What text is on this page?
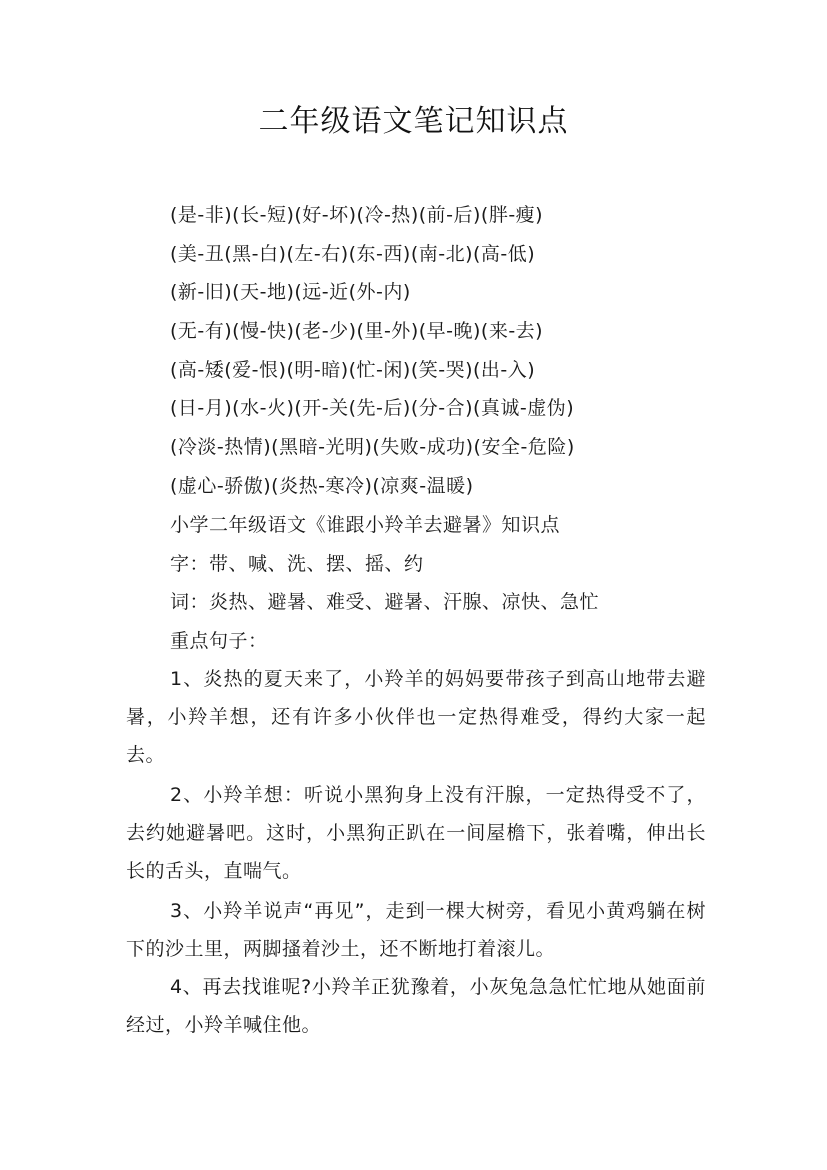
二年级语文笔记知识点
(是-非)(长-短)(好-坏)(冷-热)(前-后)(胖-瘦)
(美-丑(黑-白)(左-右)(东-西)(南-北)(高-低)
(新-旧)(天-地)(远-近(外-内)
(无-有)(慢-快)(老-少)(里-外)(早-晚)(来-去)
(高-矮(爱-恨)(明-暗)(忙-闲)(笑-哭)(出-入)
(日-月)(水-火)(开-关(先-后)(分-合)(真诚-虚伪)
(冷淡-热情)(黑暗-光明)(失败-成功)(安全-危险)
(虚心-骄傲)(炎热-寒冷)(凉爽-温暖)
小学二年级语文《谁跟小羚羊去避暑》知识点
字：带、喊、洗、摆、摇、约
词：炎热、避暑、难受、避暑、汗腺、凉快、急忙
重点句子：

1、炎热的夏天来了，小羚羊的妈妈要带孩子到高山地带去避暑，小羚羊想，还有许多小伙伴也一定热得难受，得约大家一起去。

2、小羚羊想：听说小黑狗身上没有汗腺，一定热得受不了，去约她避暑吧。这时，小黑狗正趴在一间屋檐下，张着嘴，伸出长长的舌头，直喘气。

3、小羚羊说声“再见”，走到一棵大树旁，看见小黄鸡躺在树下的沙土里，两脚搔着沙土，还不断地打着滚儿。

4、再去找谁呢?小羚羊正犹豫着，小灰兔急急忙忙地从她面前经过，小羚羊喊住他。
